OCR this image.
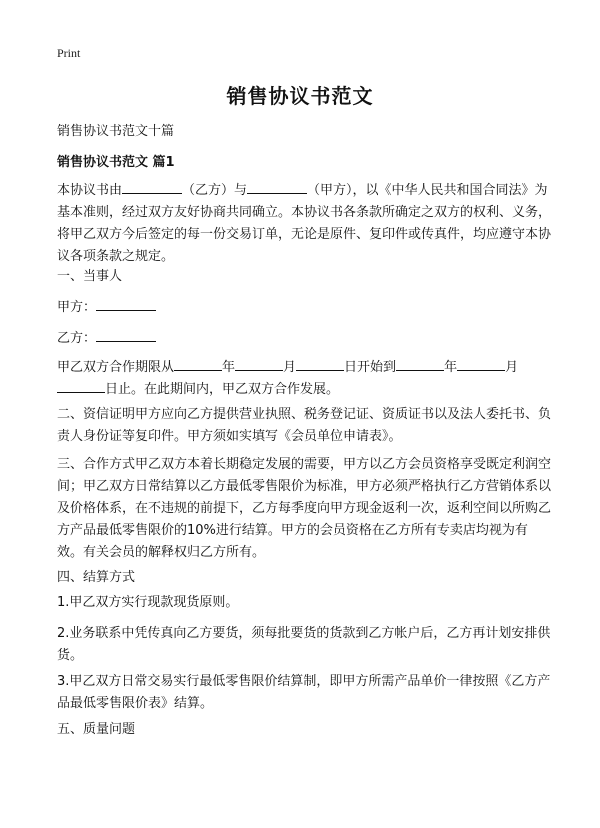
Print
销售协议书范文
销售协议书范文十篇
销售协议书范文 篇1
本协议书由	（乙方）与	（甲方），以《中华人民共和国合同法》为基本准则，经过双方友好协商共同确立。本协议书各条款所确定之双方的权利、义务，将甲乙双方今后签定的每一份交易订单，无论是原件、复印件或传真件，均应遵守本协议各项条款之规定。
一、当事人
甲方：
乙方：
甲乙双方合作期限从	年	月	日开始到	年	月日止。在此期间内，甲乙双方合作发展。
二、资信证明甲方应向乙方提供营业执照、税务登记证、资质证书以及法人委托书、负责人身份证等复印件。甲方须如实填写《会员单位申请表》。
三、合作方式甲乙双方本着长期稳定发展的需要，甲方以乙方会员资格享受既定利润空间；甲乙双方日常结算以乙方最低零售限价为标准，甲方必须严格执行乙方营销体系以及价格体系，在不违规的前提下，乙方每季度向甲方现金返利一次，返利空间以所购乙方产品最低零售限价的10%进行结算。甲方的会员资格在乙方所有专卖店均视为有效。有关会员的解释权归乙方所有。
四、结算方式
1.甲乙双方实行现款现货原则。
2.业务联系中凭传真向乙方要货，须每批要货的货款到乙方帐户后，乙方再计划安排供货。
3.甲乙双方日常交易实行最低零售限价结算制，即甲方所需产品单价一律按照《乙方产品最低零售限价表》结算。
五、质量问题
